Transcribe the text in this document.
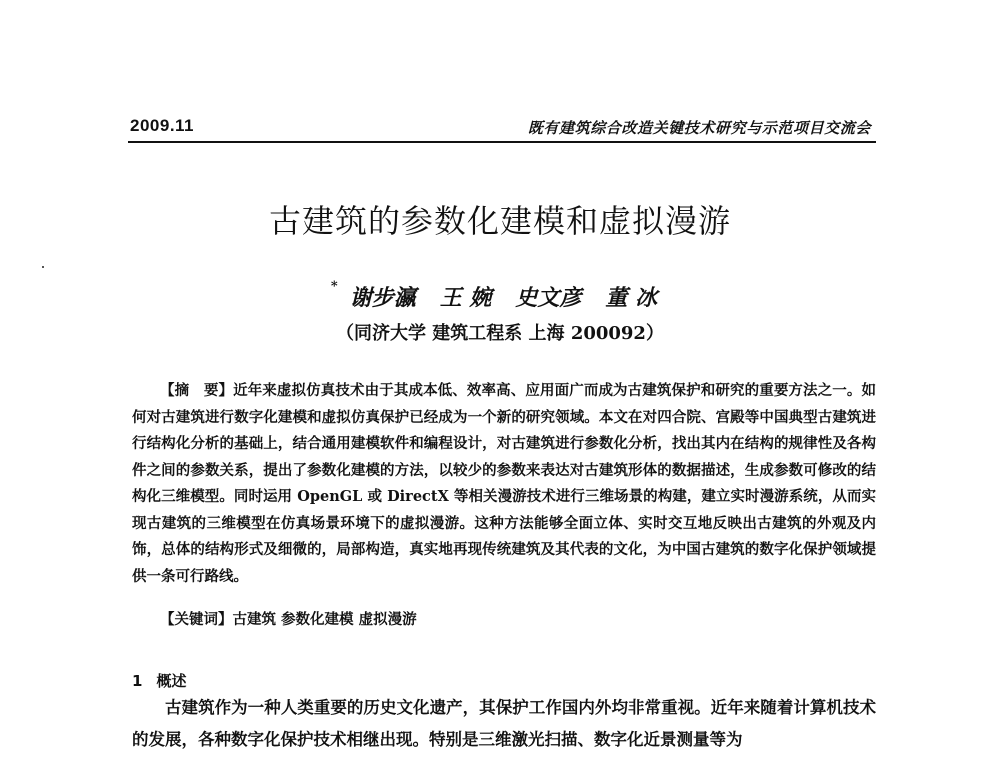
2009.11	既有建筑综合改造关键技术研究与示范项目交流会
古建筑的参数化建模和虚拟漫游
* 谢步瀛 王 婉 史文彦 董 冰
（同济大学 建筑工程系 上海 200092）
【摘　要】近年来虚拟仿真技术由于其成本低、效率高、应用面广而成为古建筑保护和研究的重要方法之一。如何对古建筑进行数字化建模和虚拟仿真保护已经成为一个新的研究领域。本文在对四合院、宫殿等中国典型古建筑进行结构化分析的基础上，结合通用建模软件和编程设计，对古建筑进行参数化分析，找出其内在结构的规律性及各构件之间的参数关系，提出了参数化建模的方法，以较少的参数来表达对古建筑形体的数据描述，生成参数可修改的结构化三维模型。同时运用 OpenGL 或 DirectX 等相关漫游技术进行三维场景的构建，建立实时漫游系统，从而实现古建筑的三维模型在仿真场景环境下的虚拟漫游。这种方法能够全面立体、实时交互地反映出古建筑的外观及内饰，总体的结构形式及细微的，局部构造，真实地再现传统建筑及其代表的文化，为中国古建筑的数字化保护领域提供一条可行路线。
【关键词】古建筑 参数化建模 虚拟漫游
1 概述
古建筑作为一种人类重要的历史文化遗产，其保护工作国内外均非常重视。近年来随着计算机技术的发展，各种数字化保护技术相继出现。特别是三维激光扫描、数字化近景测量等为
